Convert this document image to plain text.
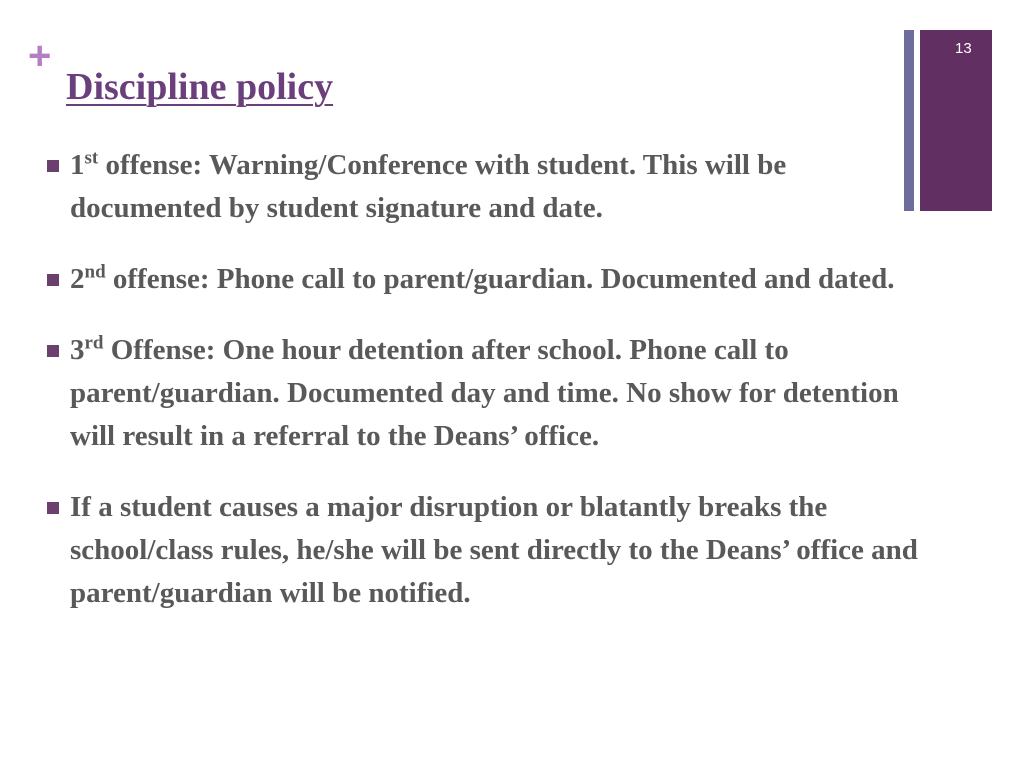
+
Discipline policy
13
1st offense: Warning/Conference with student. This will be documented by student signature and date.
2nd offense: Phone call to parent/guardian. Documented and dated.
3rd Offense: One hour detention after school. Phone call to parent/guardian. Documented day and time. No show for detention will result in a referral to the Deans’ office.
If a student causes a major disruption or blatantly breaks the school/class rules, he/she will be sent directly to the Deans’ office and parent/guardian will be notified.
